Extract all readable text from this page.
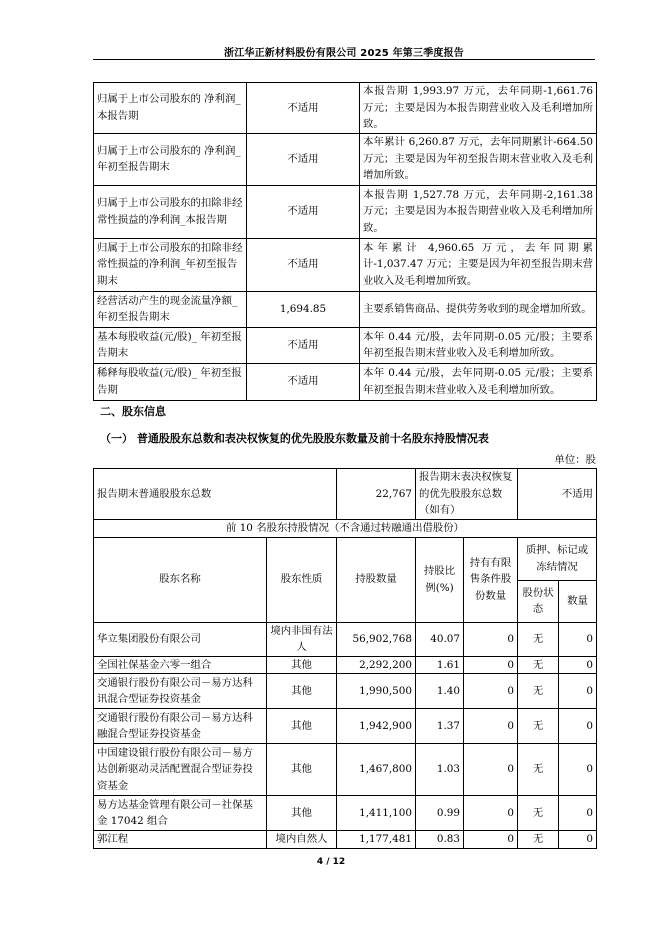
浙江华正新材料股份有限公司 2025 年第三季度报告
归属于上市公司股东的 净利润_本报告期	不适用	本报告期 1,993.97 万元，去年同期-1,661.76 万元；主要是因为本报告期营业收入及毛利增加所致。
归属于上市公司股东的 净利润_年初至报告期末	不适用	本年累计 6,260.87 万元，去年同期累计-664.50 万元；主要是因为年初至报告期末营业收入及毛利增加所致。
归属于上市公司股东的扣除非经常性损益的净利润_本报告期	不适用	本报告期 1,527.78 万元，去年同期-2,161.38 万元；主要是因为本报告期营业收入及毛利增加所致。
归属于上市公司股东的扣除非经常性损益的净利润_年初至报告期末	不适用	本年累计 4,960.65 万元，去年同期累计-1,037.47 万元；主要是因为年初至报告期末营业收入及毛利增加所致。
经营活动产生的现金流量净额_年初至报告期末	1,694.85	主要系销售商品、提供劳务收到的现金增加所致。
基本每股收益(元/股)_ 年初至报告期末	不适用	本年 0.44 元/股，去年同期-0.05 元/股；主要系年初至报告期末营业收入及毛利增加所致。
稀释每股收益(元/股)_ 年初至报告期	不适用	本年 0.44 元/股，去年同期-0.05 元/股；主要系年初至报告期末营业收入及毛利增加所致。
二、股东信息
（一） 普通股股东总数和表决权恢复的优先股股东数量及前十名股东持股情况表
单位：股
报告期末普通股股东总数		22,767	报告期末表决权恢复的优先股股东总数（如有）		不适用	
前 10 名股东持股情况（不含通过转融通出借股份）						
股东名称	股东性质	持股数量	持股比例(%)	持有有限售条件股份数量	质押、标记或冻结情况	
					股份状态	数量
华立集团股份有限公司	境内非国有法人	56,902,768	40.07	0	无	0
全国社保基金六零一组合	其他	2,292,200	1.61	0	无	0
交通银行股份有限公司－易方达科讯混合型证券投资基金	其他	1,990,500	1.40	0	无	0
交通银行股份有限公司－易方达科融混合型证券投资基金	其他	1,942,900	1.37	0	无	0
中国建设银行股份有限公司－易方达创新驱动灵活配置混合型证券投资基金	其他	1,467,800	1.03	0	无	0
易方达基金管理有限公司－社保基金 17042 组合	其他	1,411,100	0.99	0	无	0
郭江程	境内自然人	1,177,481	0.83	0	无	0
4 / 12
